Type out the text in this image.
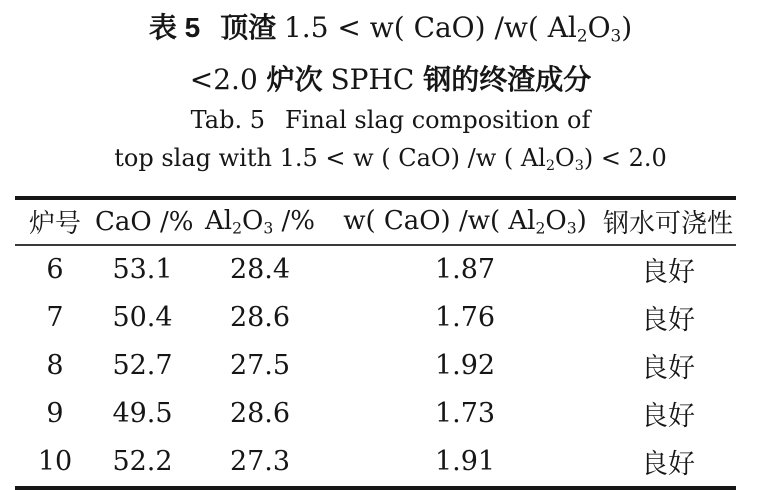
表 5 顶渣 1.5 < w( CaO) /w( $Al_2O_3$)
<2.0 炉次 SPHC 钢的终渣成分
Tab. 5 Final slag composition of
top slag with 1.5 < w ( CaO) /w ( $Al_2O_3) < 2.0$
炉号	CaO /%	$Al_2O_3$ /%	w( CaO) /w( $Al_2O_3$)	钢水可浇性
6	53.1	28.4	1.87	良好
7	50.4	28.6	1.76	良好
8	52.7	27.5	1.92	良好
9	49.5	28.6	1.73	良好
10	52.2	27.3	1.91	良好
